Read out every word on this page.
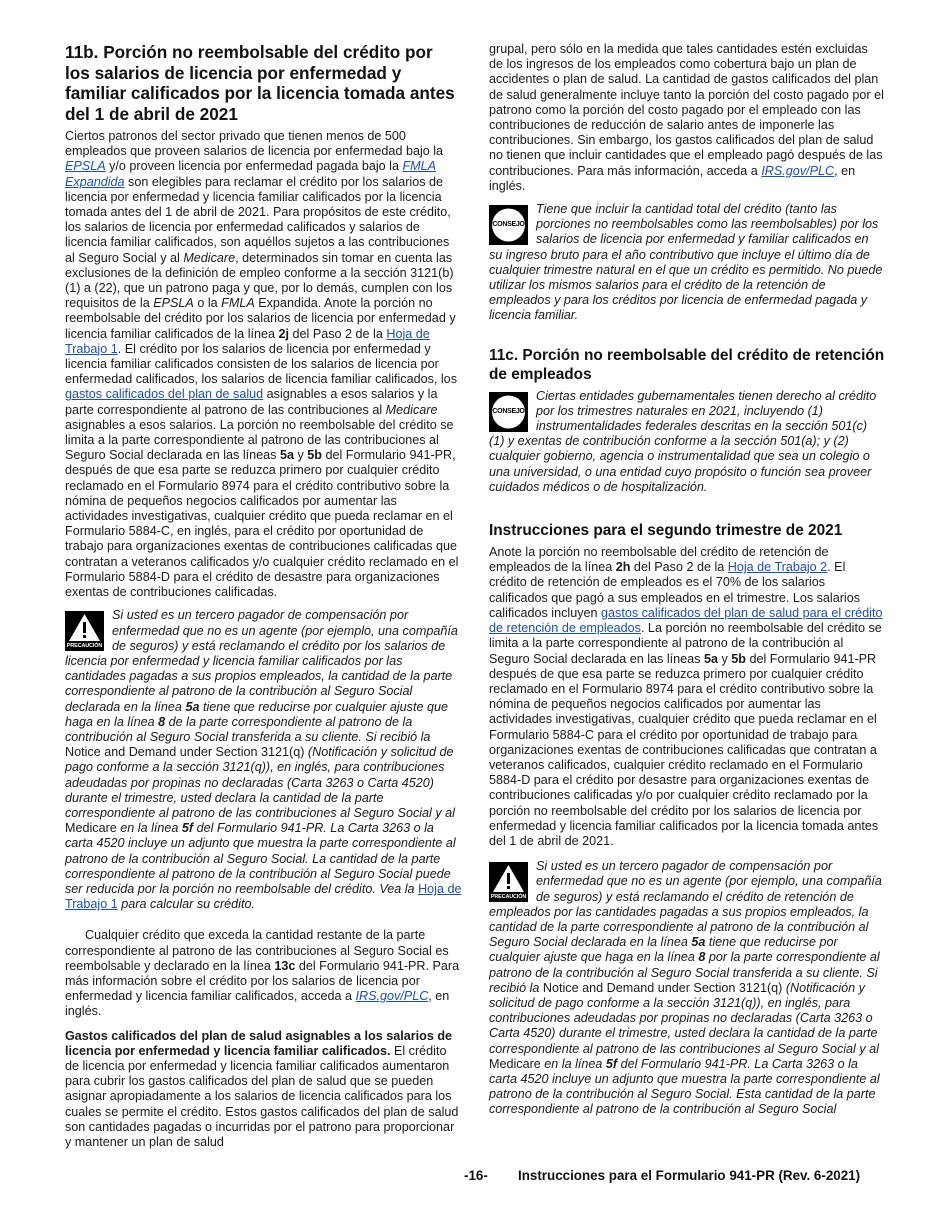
11b. Porción no reembolsable del crédito por los salarios de licencia por enfermedad y familiar calificados por la licencia tomada antes del 1 de abril de 2021

Ciertos patronos del sector privado que tienen menos de 500 empleados que proveen salarios de licencia por enfermedad bajo la EPSLA y/o proveen licencia por enfermedad pagada bajo la FMLA Expandida son elegibles para reclamar el crédito por los salarios de licencia por enfermedad y licencia familiar calificados por la licencia tomada antes del 1 de abril de 2021. Para propósitos de este crédito, los salarios de licencia por enfermedad calificados y salarios de licencia familiar calificados, son aquéllos sujetos a las contribuciones al Seguro Social y al Medicare, determinados sin tomar en cuenta las exclusiones de la definición de empleo conforme a la sección 3121(b)(1) a (22), que un patrono paga y que, por lo demás, cumplen con los requisitos de la EPSLA o la FMLA Expandida. Anote la porción no reembolsable del crédito por los salarios de licencia por enfermedad y licencia familiar calificados de la línea 2j del Paso 2 de la Hoja de Trabajo 1. El crédito por los salarios de licencia por enfermedad y licencia familiar calificados consisten de los salarios de licencia por enfermedad calificados, los salarios de licencia familiar calificados, los gastos calificados del plan de salud asignables a esos salarios y la parte correspondiente al patrono de las contribuciones al Medicare asignables a esos salarios. La porción no reembolsable del crédito se limita a la parte correspondiente al patrono de las contribuciones al Seguro Social declarada en las líneas 5a y 5b del Formulario 941-PR, después de que esa parte se reduzca primero por cualquier crédito reclamado en el Formulario 8974 para el crédito contributivo sobre la nómina de pequeños negocios calificados por aumentar las actividades investigativas, cualquier crédito que pueda reclamar en el Formulario 5884-C, en inglés, para el crédito por oportunidad de trabajo para organizaciones exentas de contribuciones calificadas que contratan a veteranos calificados y/o cualquier crédito reclamado en el Formulario 5884-D para el crédito de desastre para organizaciones exentas de contribuciones calificadas.

PRECAUCIÓN
Si usted es un tercero pagador de compensación por enfermedad que no es un agente (por ejemplo, una compañía de seguros) y está reclamando el crédito por los salarios de licencia por enfermedad y licencia familiar calificados por las cantidades pagadas a sus propios empleados, la cantidad de la parte correspondiente al patrono de la contribución al Seguro Social declarada en la línea 5a tiene que reducirse por cualquier ajuste que haga en la línea 8 de la parte correspondiente al patrono de la contribución al Seguro Social transferida a su cliente. Si recibió la Notice and Demand under Section 3121(q) (Notificación y solicitud de pago conforme a la sección 3121(q)), en inglés, para contribuciones adeudadas por propinas no declaradas (Carta 3263 o Carta 4520) durante el trimestre, usted declara la cantidad de la parte correspondiente al patrono de las contribuciones al Seguro Social y al Medicare en la línea 5f del Formulario 941-PR. La Carta 3263 o la carta 4520 incluye un adjunto que muestra la parte correspondiente al patrono de la contribución al Seguro Social. La cantidad de la parte correspondiente al patrono de la contribución al Seguro Social puede ser reducida por la porción no reembolsable del crédito. Vea la Hoja de Trabajo 1 para calcular su crédito.

Cualquier crédito que exceda la cantidad restante de la parte correspondiente al patrono de las contribuciones al Seguro Social es reembolsable y declarado en la línea 13c del Formulario 941-PR. Para más información sobre el crédito por los salarios de licencia por enfermedad y licencia familiar calificados, acceda a IRS.gov/PLC, en inglés.

Gastos calificados del plan de salud asignables a los salarios de licencia por enfermedad y licencia familiar calificados. El crédito de licencia por enfermedad y licencia familiar calificados aumentaron para cubrir los gastos calificados del plan de salud que se pueden asignar apropiadamente a los salarios de licencia calificados para los cuales se permite el crédito. Estos gastos calificados del plan de salud son cantidades pagadas o incurridas por el patrono para proporcionar y mantener un plan de salud

grupal, pero sólo en la medida que tales cantidades estén excluidas de los ingresos de los empleados como cobertura bajo un plan de accidentes o plan de salud. La cantidad de gastos calificados del plan de salud generalmente incluye tanto la porción del costo pagado por el patrono como la porción del costo pagado por el empleado con las contribuciones de reducción de salario antes de imponerle las contribuciones. Sin embargo, los gastos calificados del plan de salud no tienen que incluir cantidades que el empleado pagó después de las contribuciones. Para más información, acceda a IRS.gov/PLC, en inglés.

CONSEJO
Tiene que incluir la cantidad total del crédito (tanto las porciones no reembolsables como las reembolsables) por los salarios de licencia por enfermedad y familiar calificados en su ingreso bruto para el año contributivo que incluye el último día de cualquier trimestre natural en el que un crédito es permitido. No puede utilizar los mismos salarios para el crédito de la retención de empleados y para los créditos por licencia de enfermedad pagada y licencia familiar.
11c. Porción no reembolsable del crédito de retención de empleados
CONSEJO
Ciertas entidades gubernamentales tienen derecho al crédito por los trimestres naturales en 2021, incluyendo (1) instrumentalidades federales descritas en la sección 501(c) (1) y exentas de contribución conforme a la sección 501(a); y (2) cualquier gobierno, agencia o instrumentalidad que sea un colegio o una universidad, o una entidad cuyo propósito o función sea proveer cuidados médicos o de hospitalización.
Instrucciones para el segundo trimestre de 2021

Anote la porción no reembolsable del crédito de retención de empleados de la línea 2h del Paso 2 de la Hoja de Trabajo 2. El crédito de retención de empleados es el 70% de los salarios calificados que pagó a sus empleados en el trimestre. Los salarios calificados incluyen gastos calificados del plan de salud para el crédito de retención de empleados. La porción no reembolsable del crédito se limita a la parte correspondiente al patrono de la contribución al Seguro Social declarada en las líneas 5a y 5b del Formulario 941-PR después de que esa parte se reduzca primero por cualquier crédito reclamado en el Formulario 8974 para el crédito contributivo sobre la nómina de pequeños negocios calificados por aumentar las actividades investigativas, cualquier crédito que pueda reclamar en el Formulario 5884-C para el crédito por oportunidad de trabajo para organizaciones exentas de contribuciones calificadas que contratan a veteranos calificados, cualquier crédito reclamado en el Formulario 5884-D para el crédito por desastre para organizaciones exentas de contribuciones calificadas y/o por cualquier crédito reclamado por la porción no reembolsable del crédito por los salarios de licencia por enfermedad y licencia familiar calificados por la licencia tomada antes del 1 de abril de 2021.

PRECAUCIÓN
Si usted es un tercero pagador de compensación por enfermedad que no es un agente (por ejemplo, una compañía de seguros) y está reclamando el crédito de retención de empleados por las cantidades pagadas a sus propios empleados, la cantidad de la parte correspondiente al patrono de la contribución al Seguro Social declarada en la línea 5a tiene que reducirse por cualquier ajuste que haga en la línea 8 por la parte correspondiente al patrono de la contribución al Seguro Social transferida a su cliente. Si recibió la Notice and Demand under Section 3121(q) (Notificación y solicitud de pago conforme a la sección 3121(q)), en inglés, para contribuciones adeudadas por propinas no declaradas (Carta 3263 o Carta 4520) durante el trimestre, usted declara la cantidad de la parte correspondiente al patrono de las contribuciones al Seguro Social y al Medicare en la línea 5f del Formulario 941-PR. La Carta 3263 o la carta 4520 incluye un adjunto que muestra la parte correspondiente al patrono de la contribución al Seguro Social. Esta cantidad de la parte correspondiente al patrono de la contribución al Seguro Social
-16- Instrucciones para el Formulario 941-PR (Rev. 6-2021)
